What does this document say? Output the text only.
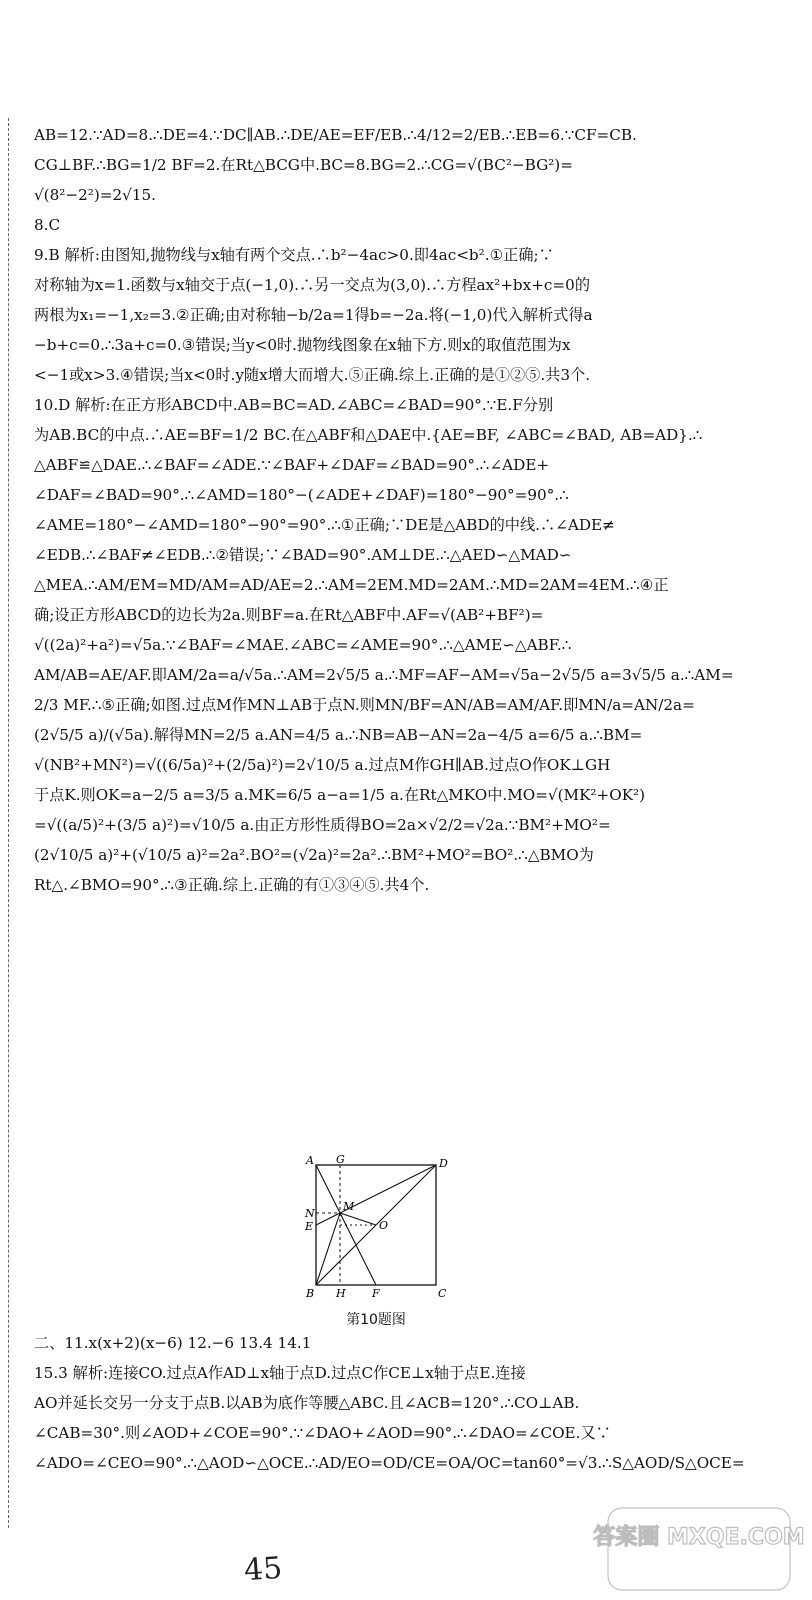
AB=12.∵AD=8.∴DE=4.∵DC∥AB.∴DE/AE=EF/EB.∴4/12=2/EB.∴EB=6.∵CF=CB.
CG⊥BF.∴BG=1/2 BF=2.在Rt△BCG中.BC=8.BG=2.∴CG=√(BC²−BG²)=
√(8²−2²)=2√15.
8.C
9.B 解析:由图知,抛物线与x轴有两个交点.∴b²−4ac>0.即4ac<b².①正确;∵
对称轴为x=1.函数与x轴交于点(−1,0).∴另一交点为(3,0).∴方程ax²+bx+c=0的
两根为x₁=−1,x₂=3.②正确;由对称轴−b/2a=1得b=−2a.将(−1,0)代入解析式得a
−b+c=0.∴3a+c=0.③错误;当y<0时.抛物线图象在x轴下方.则x的取值范围为x
<−1或x>3.④错误;当x<0时.y随x增大而增大.⑤正确.综上.正确的是①②⑤.共3个.
10.D 解析:在正方形ABCD中.AB=BC=AD.∠ABC=∠BAD=90°.∵E.F分别
为AB.BC的中点.∴AE=BF=1/2 BC.在△ABF和△DAE中.{AE=BF, ∠ABC=∠BAD, AB=AD}.∴
△ABF≌△DAE.∴∠BAF=∠ADE.∵∠BAF+∠DAF=∠BAD=90°.∴∠ADE+
∠DAF=∠BAD=90°.∴∠AMD=180°−(∠ADE+∠DAF)=180°−90°=90°.∴
∠AME=180°−∠AMD=180°−90°=90°.∴①正确;∵DE是△ABD的中线.∴∠ADE≠
∠EDB.∴∠BAF≠∠EDB.∴②错误;∵∠BAD=90°.AM⊥DE.∴△AED∽△MAD∽
△MEA.∴AM/EM=MD/AM=AD/AE=2.∴AM=2EM.MD=2AM.∴MD=2AM=4EM.∴④正
确;设正方形ABCD的边长为2a.则BF=a.在Rt△ABF中.AF=√(AB²+BF²)=
√((2a)²+a²)=√5a.∵∠BAF=∠MAE.∠ABC=∠AME=90°.∴△AME∽△ABF.∴
AM/AB=AE/AF.即AM/2a=a/√5a.∴AM=2√5/5 a.∴MF=AF−AM=√5a−2√5/5 a=3√5/5 a.∴AM=
2/3 MF.∴⑤正确;如图.过点M作MN⊥AB于点N.则MN/BF=AN/AB=AM/AF.即MN/a=AN/2a=
(2√5/5 a)/(√5a).解得MN=2/5 a.AN=4/5 a.∴NB=AB−AN=2a−4/5 a=6/5 a.∴BM=
√(NB²+MN²)=√((6/5a)²+(2/5a)²)=2√10/5 a.过点M作GH∥AB.过点O作OK⊥GH
于点K.则OK=a−2/5 a=3/5 a.MK=6/5 a−a=1/5 a.在Rt△MKO中.MO=√(MK²+OK²)
=√((a/5)²+(3/5 a)²)=√10/5 a.由正方形性质得BO=2a×√2/2=√2a.∵BM²+MO²=
(2√10/5 a)²+(√10/5 a)²=2a².BO²=(√2a)²=2a².∴BM²+MO²=BO².∴△BMO为
Rt△.∠BMO=90°.∴③正确.综上.正确的有①③④⑤.共4个.
A G	D
M
N
E	O
B H F	C
第10题图
二、11.x(x+2)(x−6) 12.−6 13.4 14.1
15.3 解析:连接CO.过点A作AD⊥x轴于点D.过点C作CE⊥x轴于点E.连接
AO并延长交另一分支于点B.以AB为底作等腰△ABC.且∠ACB=120°.∴CO⊥AB.
∠CAB=30°.则∠AOD+∠COE=90°.∵∠DAO+∠AOD=90°.∴∠DAO=∠COE.又∵
∠ADO=∠CEO=90°.∴△AOD∽△OCE.∴AD/EO=OD/CE=OA/OC=tan60°=√3.∴S△AOD/S△OCE=
45
答案圈 MXQE.COM
